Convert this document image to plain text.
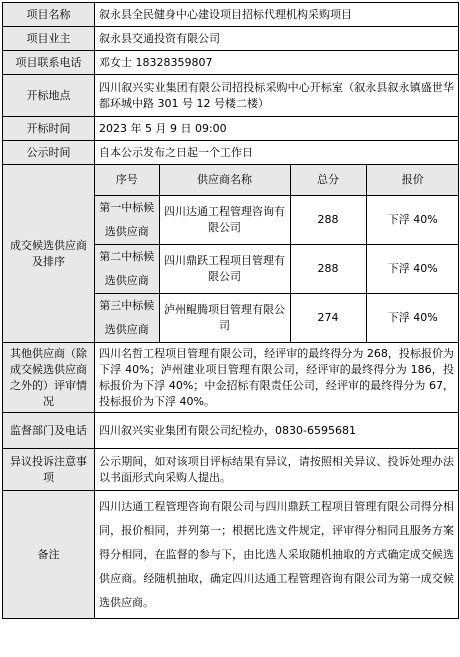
项目名称	叙永县全民健身中心建设项目招标代理机构采购项目
项目业主	叙永县交通投资有限公司
项目联系电话	邓女士 18328359807
开标地点	四川叙兴实业集团有限公司招投标采购中心开标室（叙永县叙永镇盛世华都环城中路 301 号 12 号楼二楼）
开标时间	2023 年 5 月 9 日 09:00
公示时间	自本公示发布之日起一个工作日
成交候选供应商及排序	
序号	供应商名称	总分	报价
第一中标候选供应商	四川达通工程管理咨询有限公司	288	下浮 40%
第二中标候选供应商	四川鼎跃工程项目管理有限公司	288	下浮 40%
第三中标候选供应商	泸州鲲腾项目管理有限公司	274	下浮 40%

其他供应商（除成交候选供应商之外的）评审情况	四川名哲工程项目管理有限公司，经评审的最终得分为 268，投标报价为下浮 40%；泸州建业项目管理有限公司，经评审的最终得分为 186，投标报价为下浮 40%；中金招标有限责任公司，经评审的最终得分为 67，投标报价为下浮 40%。
监督部门及电话	四川叙兴实业集团有限公司纪检办，0830-6595681
异议投诉注意事项	公示期间，如对该项目评标结果有异议，请按照相关异议、投诉处理办法以书面形式向采购人提出。
备注	四川达通工程管理咨询有限公司与四川鼎跃工程项目管理有限公司得分相同，报价相同，并列第一；根据比选文件规定，评审得分相同且服务方案得分相同，在监督的参与下，由比选人采取随机抽取的方式确定成交候选供应商。经随机抽取，确定四川达通工程管理咨询有限公司为第一成交候选供应商。
